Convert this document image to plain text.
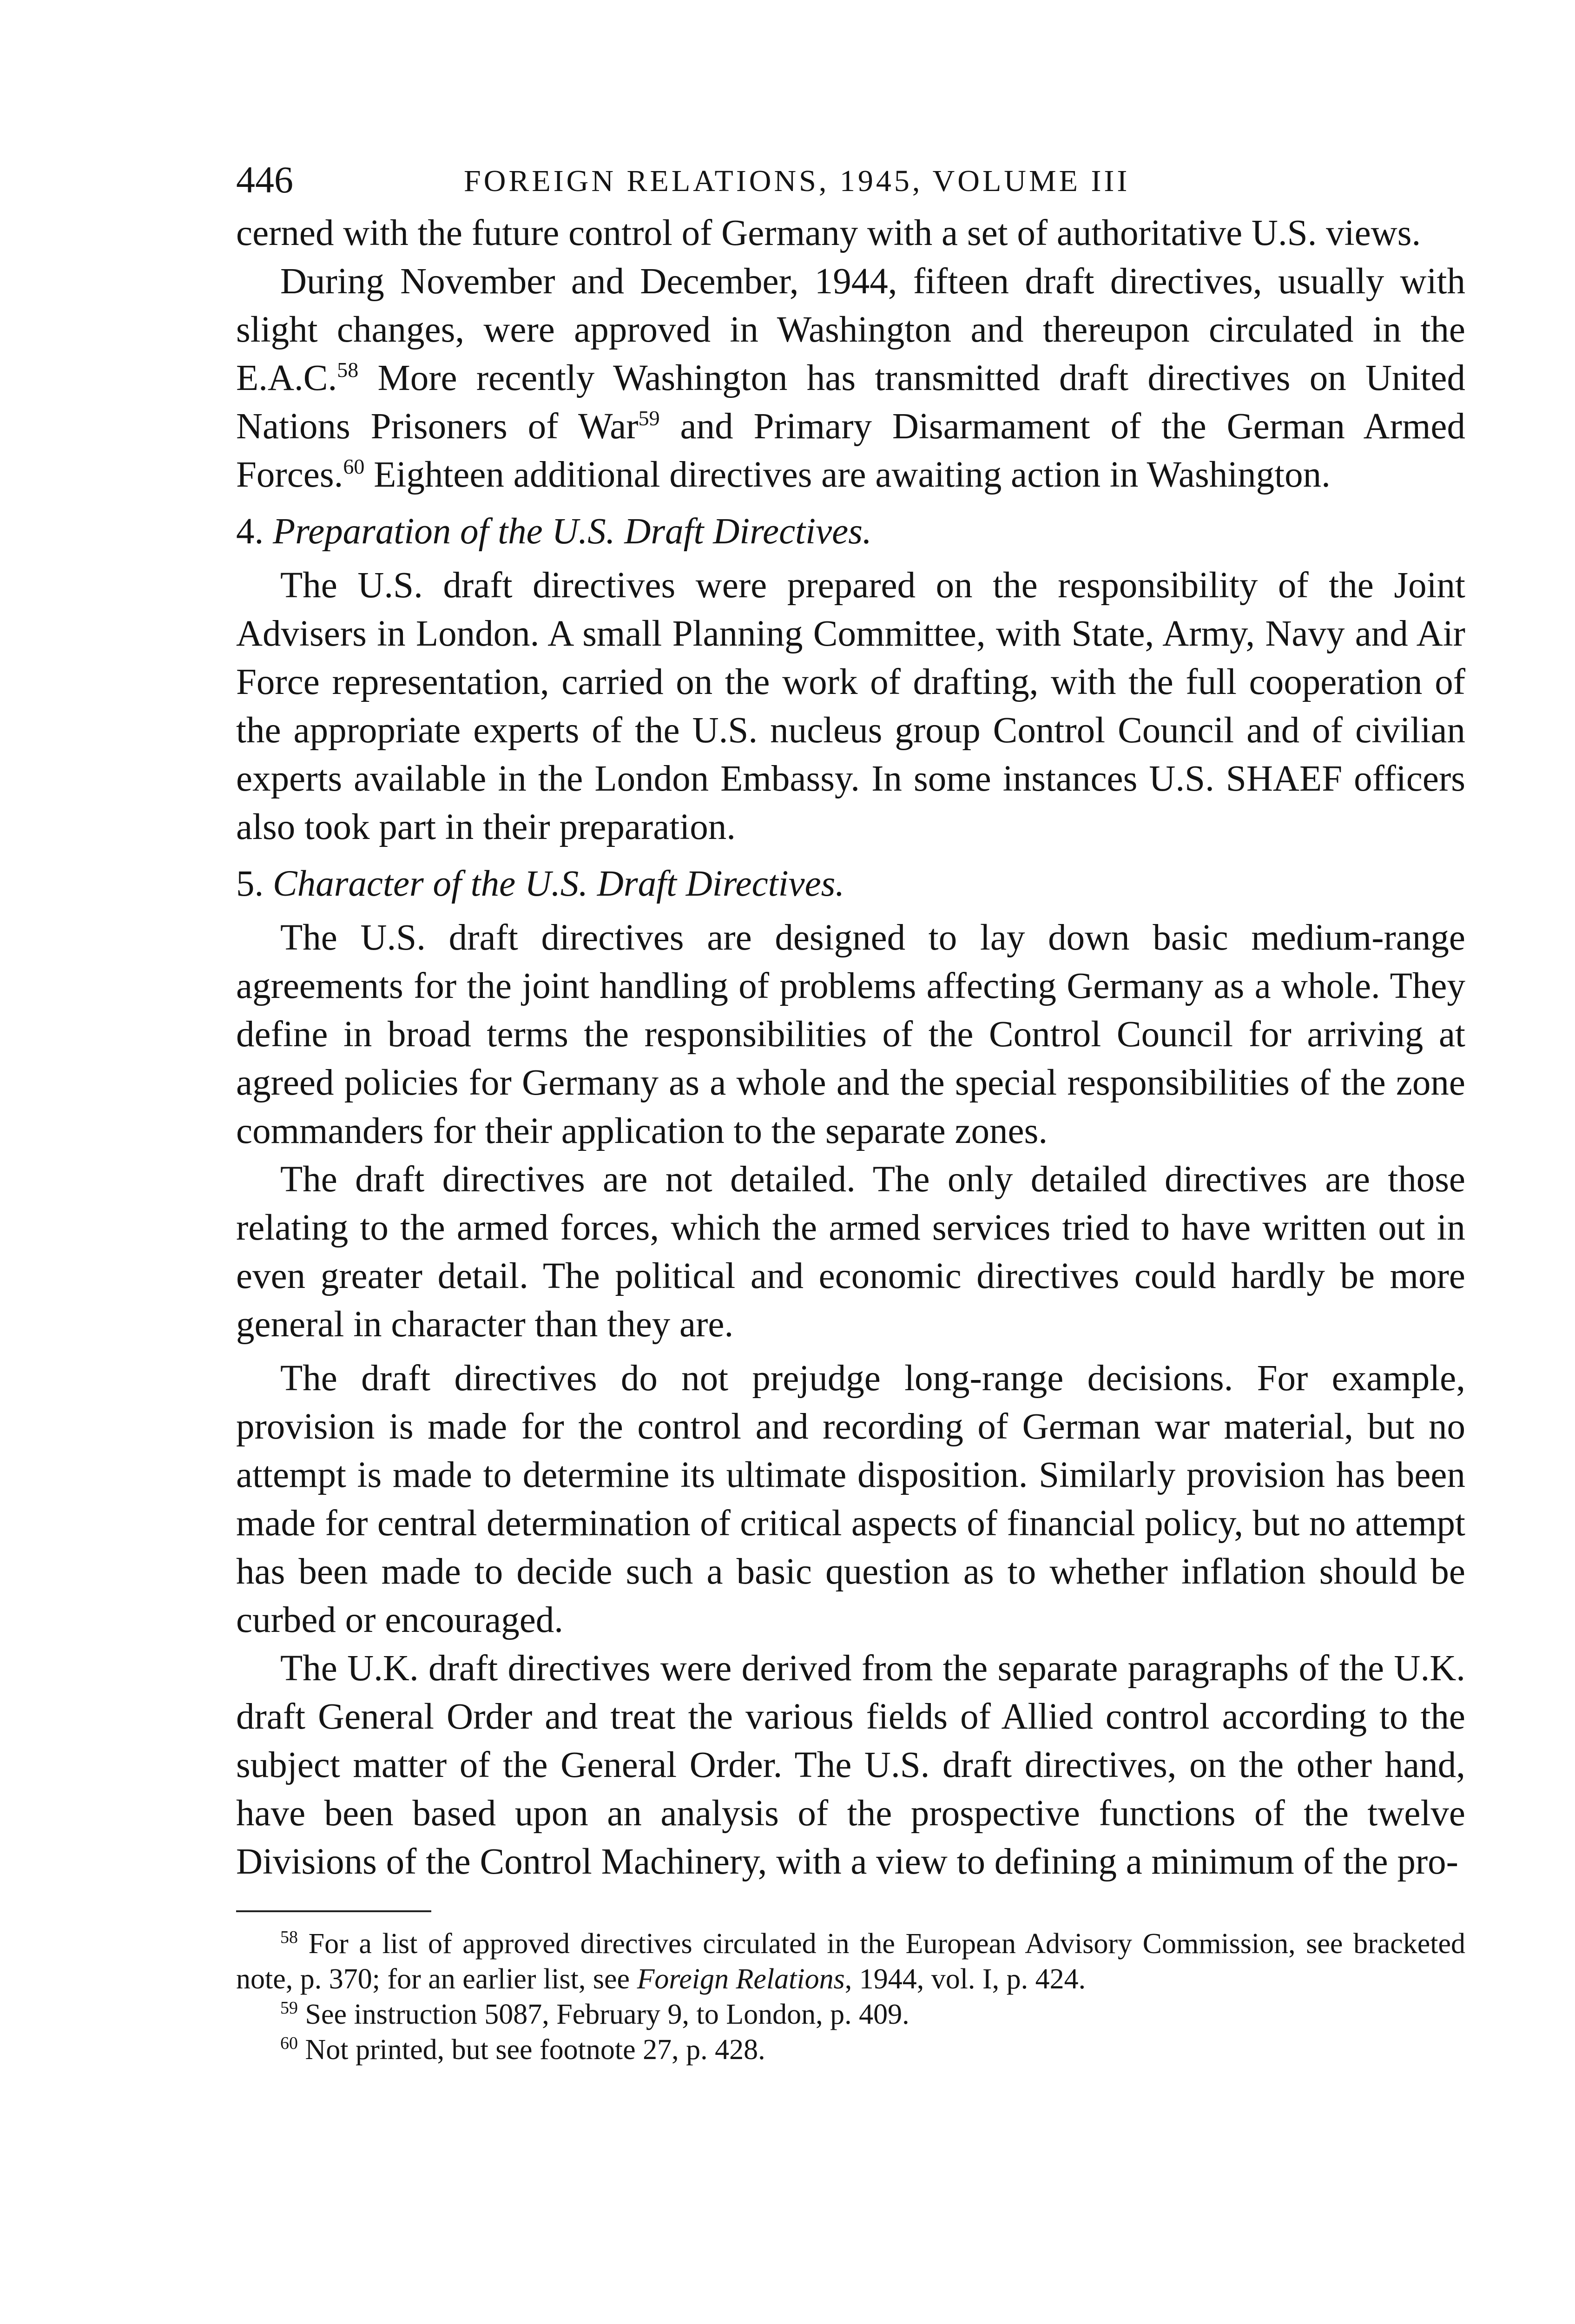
446	FOREIGN RELATIONS, 1945, VOLUME III

cerned with the future control of Germany with a set of authoritative U.S. views.

During November and December, 1944, fifteen draft directives, usually with slight changes, were approved in Washington and thereupon circulated in the E.A.C.$^{58}$ More recently Washington has transmitted draft directives on United Nations Prisoners of War$^{59}$ and Primary Disarmament of the German Armed Forces.$^{60}$ Eighteen additional directives are awaiting action in Washington.

4. Preparation of the U.S. Draft Directives.

The U.S. draft directives were prepared on the responsibility of the Joint Advisers in London. A small Planning Committee, with State, Army, Navy and Air Force representation, carried on the work of drafting, with the full cooperation of the appropriate experts of the U.S. nucleus group Control Council and of civilian experts available in the London Embassy. In some instances U.S. SHAEF officers also took part in their preparation.

5. Character of the U.S. Draft Directives.

The U.S. draft directives are designed to lay down basic medium-range agreements for the joint handling of problems affecting Germany as a whole. They define in broad terms the responsibilities of the Control Council for arriving at agreed policies for Germany as a whole and the special responsibilities of the zone commanders for their application to the separate zones.

The draft directives are not detailed. The only detailed directives are those relating to the armed forces, which the armed services tried to have written out in even greater detail. The political and economic directives could hardly be more general in character than they are.

The draft directives do not prejudge long-range decisions. For example, provision is made for the control and recording of German war material, but no attempt is made to determine its ultimate disposition. Similarly provision has been made for central determination of critical aspects of financial policy, but no attempt has been made to decide such a basic question as to whether inflation should be curbed or encouraged.

The U.K. draft directives were derived from the separate paragraphs of the U.K. draft General Order and treat the various fields of Allied control according to the subject matter of the General Order. The U.S. draft directives, on the other hand, have been based upon an analysis of the prospective functions of the twelve Divisions of the Control Machinery, with a view to defining a minimum of the pro-

$^{58}$ For a list of approved directives circulated in the European Advisory Commission, see bracketed note, p. 370; for an earlier list, see Foreign Relations, 1944, vol. I, p. 424.

$^{59}$ See instruction 5087, February 9, to London, p. 409.

$^{60}$ Not printed, but see footnote 27, p. 428.
